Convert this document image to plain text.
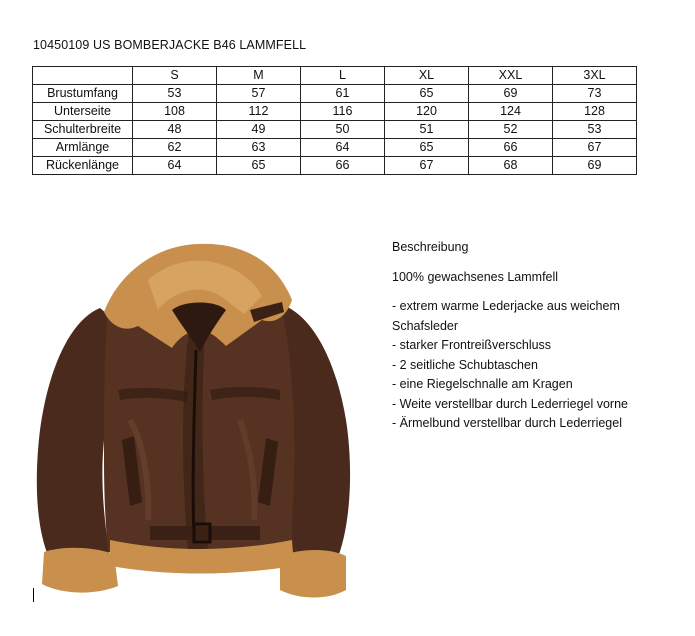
10450109 US BOMBERJACKE B46 LAMMFELL
	S	M	L	XL	XXL	3XL
Brustumfang	53	57	61	65	69	73
Unterseite	108	112	116	120	124	128
Schulterbreite	48	49	50	51	52	53
Armlänge	62	63	64	65	66	67
Rückenlänge	64	65	66	67	68	69

Beschreibung

100% gewachsenes Lammfell

- extrem warme Lederjacke aus weichem Schafsleder

- starker Frontreißverschluss

- 2 seitliche Schubtaschen

- eine Riegelschnalle am Kragen

- Weite verstellbar durch Lederriegel vorne

- Ärmelbund verstellbar durch Lederriegel
